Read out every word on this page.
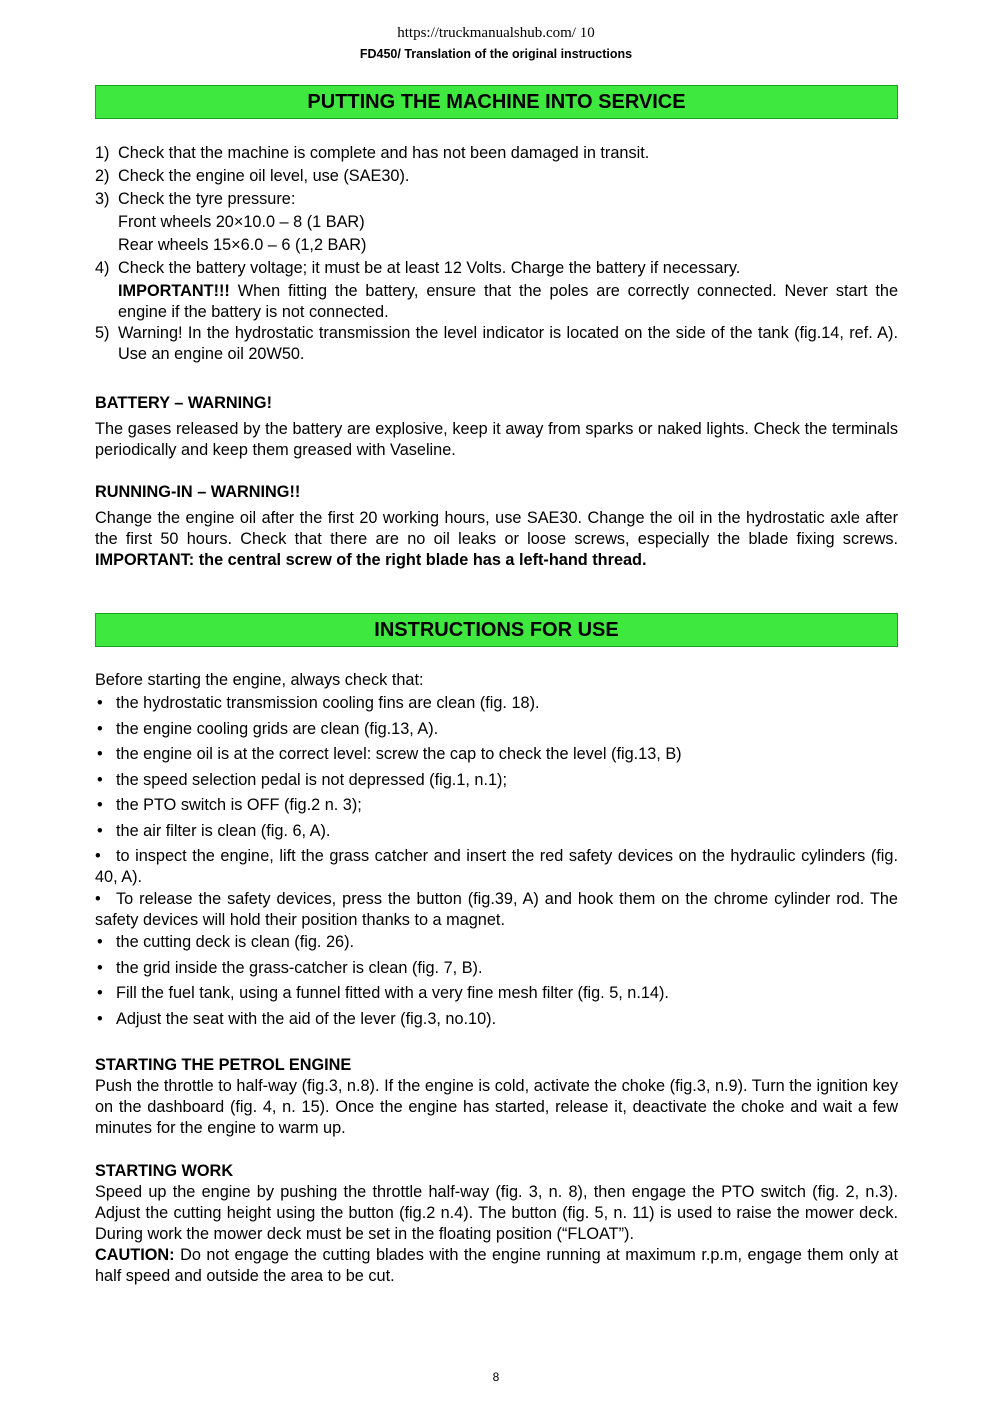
https://truckmanualshub.com/ 10
FD450/ Translation of the original instructions
PUTTING THE MACHINE INTO SERVICE
1) Check that the machine is complete and has not been damaged in transit.
2) Check the engine oil level, use (SAE30).
3) Check the tyre pressure:
Front wheels 20×10.0 – 8 (1 BAR)
Rear wheels 15×6.0 – 6 (1,2 BAR)
4) Check the battery voltage; it must be at least 12 Volts. Charge the battery if necessary.
IMPORTANT!!! When fitting the battery, ensure that the poles are correctly connected. Never start the engine if the battery is not connected.
5) Warning! In the hydrostatic transmission the level indicator is located on the side of the tank (fig.14, ref. A). Use an engine oil 20W50.
BATTERY – WARNING!
The gases released by the battery are explosive, keep it away from sparks or naked lights. Check the terminals periodically and keep them greased with Vaseline.
RUNNING-IN – WARNING!!
Change the engine oil after the first 20 working hours, use SAE30. Change the oil in the hydrostatic axle after the first 50 hours. Check that there are no oil leaks or loose screws, especially the blade fixing screws. IMPORTANT: the central screw of the right blade has a left-hand thread.
INSTRUCTIONS FOR USE
Before starting the engine, always check that:
• the hydrostatic transmission cooling fins are clean (fig. 18).
• the engine cooling grids are clean (fig.13, A).
• the engine oil is at the correct level: screw the cap to check the level (fig.13, B)
• the speed selection pedal is not depressed (fig.1, n.1);
• the PTO switch is OFF (fig.2 n. 3);
• the air filter is clean (fig. 6, A).
• to inspect the engine, lift the grass catcher and insert the red safety devices on the hydraulic cylinders (fig. 40, A).
• To release the safety devices, press the button (fig.39, A) and hook them on the chrome cylinder rod. The safety devices will hold their position thanks to a magnet.
• the cutting deck is clean (fig. 26).
• the grid inside the grass-catcher is clean (fig. 7, B).
• Fill the fuel tank, using a funnel fitted with a very fine mesh filter (fig. 5, n.14).
• Adjust the seat with the aid of the lever (fig.3, no.10).
STARTING THE PETROL ENGINE
Push the throttle to half-way (fig.3, n.8). If the engine is cold, activate the choke (fig.3, n.9). Turn the ignition key on the dashboard (fig. 4, n. 15). Once the engine has started, release it, deactivate the choke and wait a few minutes for the engine to warm up.
STARTING WORK
Speed up the engine by pushing the throttle half-way (fig. 3, n. 8), then engage the PTO switch (fig. 2, n.3). Adjust the cutting height using the button (fig.2 n.4). The button (fig. 5, n. 11) is used to raise the mower deck. During work the mower deck must be set in the floating position (“FLOAT”).
CAUTION: Do not engage the cutting blades with the engine running at maximum r.p.m, engage them only at half speed and outside the area to be cut.
8
